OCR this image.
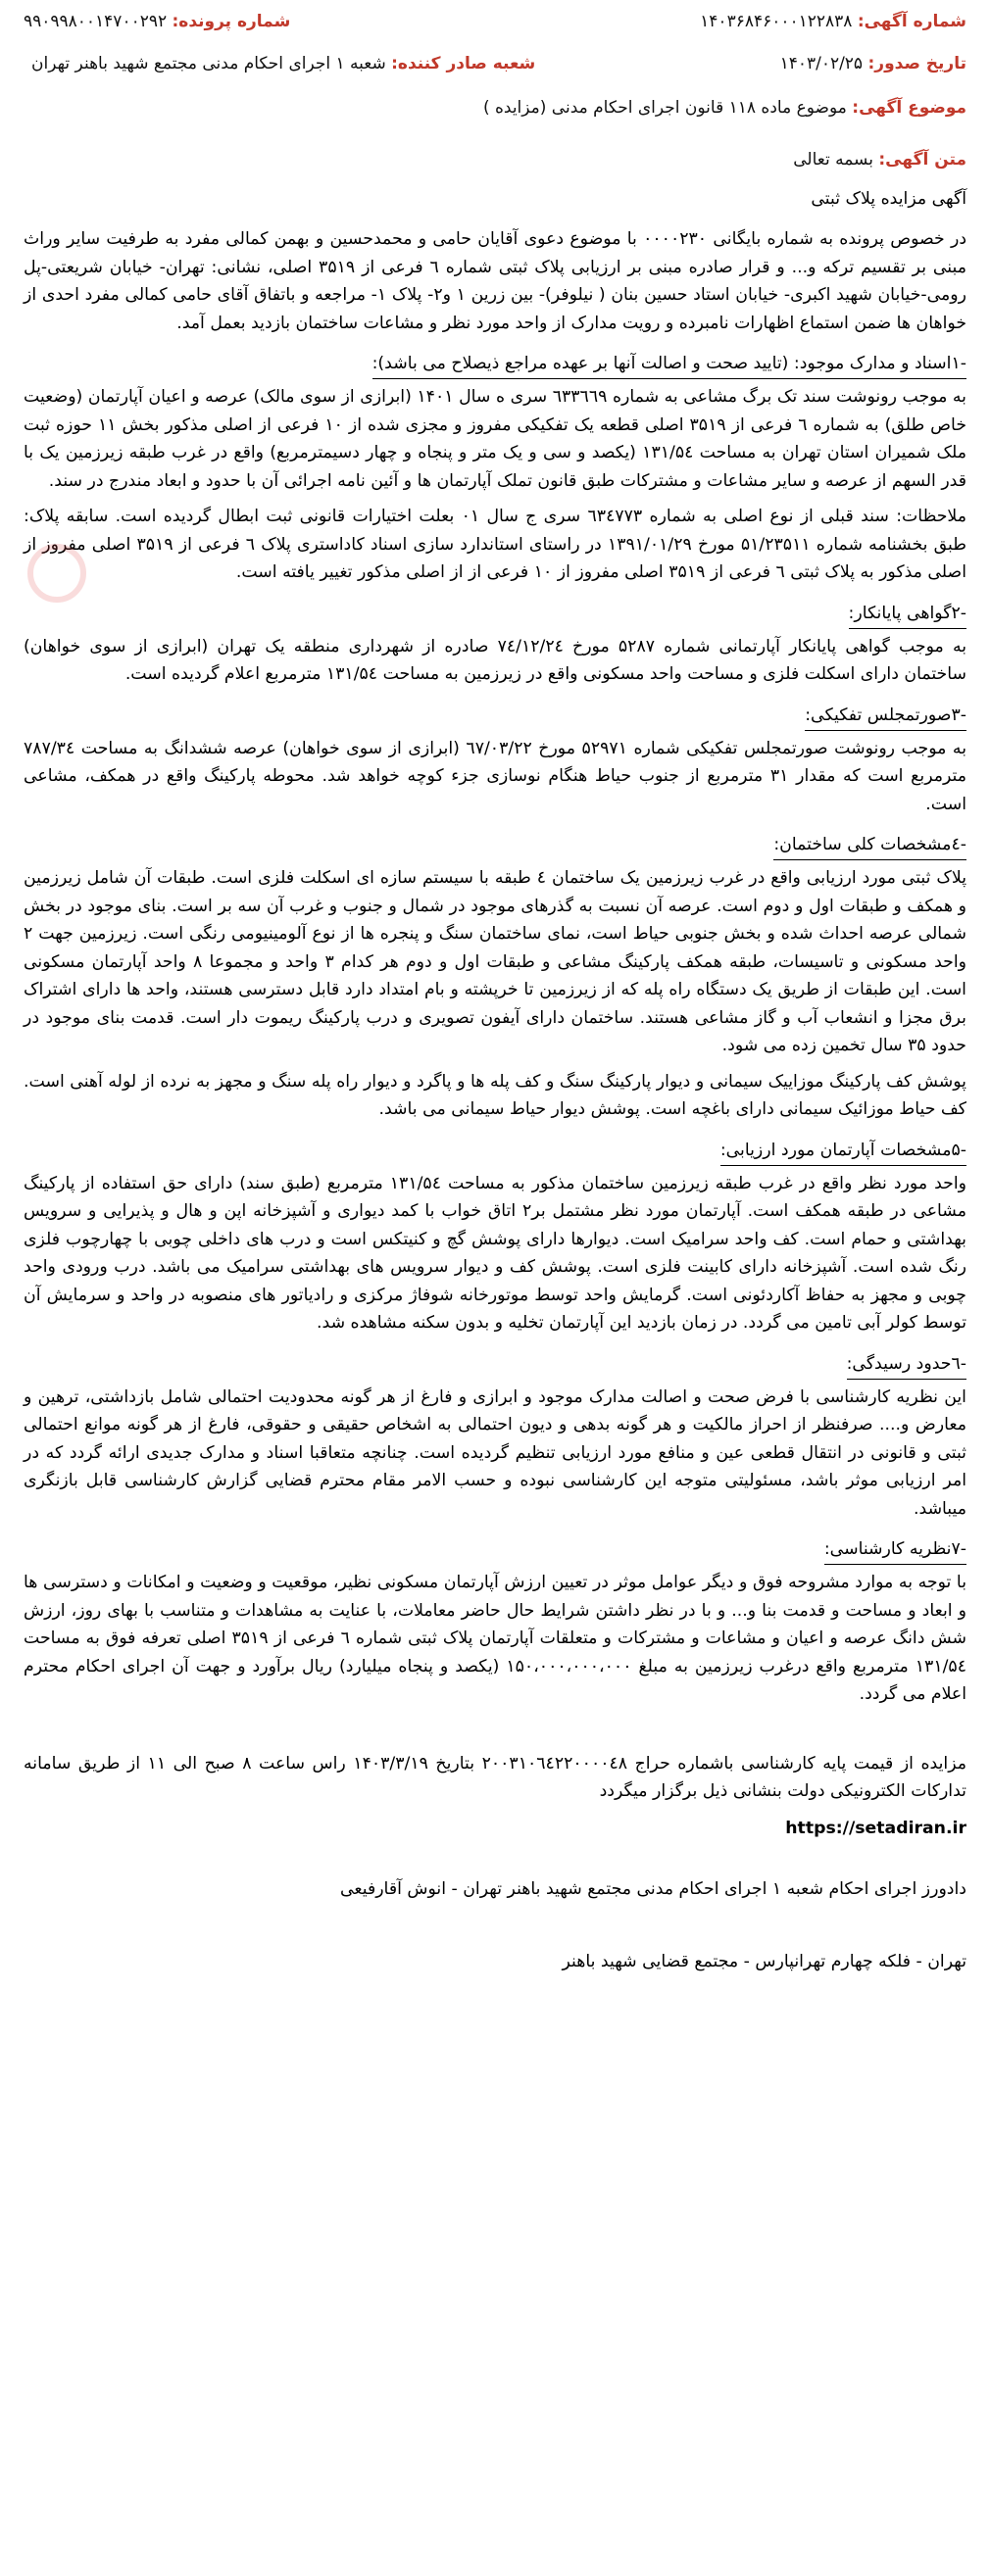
شماره آگهی: ۱۴۰۳۶۸۴۶۰۰۰۱۲۲۸۳۸
شماره پرونده: ۹۹۰۹۹۸۰۰۱۴۷۰۰۲۹۲
تاریخ صدور: ۱۴۰۳/۰۲/۲۵
شعبه صادر کننده: شعبه ۱ اجرای احکام مدنی مجتمع شهید باهنر تهران
موضوع آگهی: موضوع ماده ۱۱۸ قانون اجرای احکام مدنی (مزایده )
متن آگهی: بسمه تعالی
آگهی مزایده پلاک ثبتی

در خصوص پرونده به شماره بایگانی ۰۰۰۰۲۳۰ با موضوع دعوی آقایان حامی و محمدحسین و بهمن کمالی مفرد به طرفیت سایر وراث مبنی بر تقسیم ترکه و... و قرار صادره مبنی بر ارزیابی پلاک ثبتی شماره ٦ فرعی از ۳۵۱۹ اصلی، نشانی: تهران- خیابان شریعتی-پل رومی-خیابان شهید اکبری- خیابان استاد حسین بنان ( نیلوفر)- بین زرین ۱ و۲- پلاک ۱- مراجعه و باتفاق آقای حامی کمالی مفرد احدی از خواهان ها ضمن استماع اظهارات نامبرده و رویت مدارک از واحد مورد نظر و مشاعات ساختمان بازدید بعمل آمد.

-۱اسناد و مدارک موجود: (تایید صحت و اصالت آنها بر عهده مراجع ذیصلاح می باشد):

به موجب رونوشت سند تک برگ مشاعی به شماره ٦۳۳٦٦۹ سری ه سال ۱۴۰۱ (ابرازی از سوی مالک) عرصه و اعیان آپارتمان (وضعیت خاص طلق) به شماره ٦ فرعی از ۳۵۱۹ اصلی قطعه یک تفکیکی مفروز و مجزی شده از ۱۰ فرعی از اصلی مذکور بخش ۱۱ حوزه ثبت ملک شمیران استان تهران به مساحت ۱۳۱/۵٤ (یکصد و سی و یک متر و پنجاه و چهار دسیمترمربع) واقع در غرب طبقه زیرزمین یک با قدر السهم از عرصه و سایر مشاعات و مشترکات طبق قانون تملک آپارتمان ها و آئین نامه اجرائی آن با حدود و ابعاد مندرج در سند.

ملاحظات: سند قبلی از نوع اصلی به شماره ٦۳٤۷۷۳ سری ج سال ۰۱ بعلت اختیارات قانونی ثبت ابطال گردیده است. سابقه پلاک: طبق بخشنامه شماره ۵۱/۲۳۵۱۱ مورخ ۱۳۹۱/۰۱/۲۹ در راستای استاندارد سازی اسناد کاداستری پلاک ٦ فرعی از ۳۵۱۹ اصلی مفروز از اصلی مذکور به پلاک ثبتی ٦ فرعی از ۳۵۱۹ اصلی مفروز از ۱۰ فرعی از از اصلی مذکور تغییر یافته است.

-۲گواهی پایانکار:

به موجب گواهی پایانکار آپارتمانی شماره ۵۲۸۷ مورخ ۷٤/۱۲/۲٤ صادره از شهرداری منطقه یک تهران (ابرازی از سوی خواهان) ساختمان دارای اسکلت فلزی و مساحت واحد مسکونی واقع در زیرزمین به مساحت ۱۳۱/۵٤ مترمربع اعلام گردیده است.

-۳صورتمجلس تفکیکی:

به موجب رونوشت صورتمجلس تفکیکی شماره ۵۲۹۷۱ مورخ ٦۷/۰۳/۲۲ (ابرازی از سوی خواهان) عرصه ششدانگ به مساحت ۷۸۷/۳٤ مترمربع است که مقدار ۳۱ مترمربع از جنوب حیاط هنگام نوسازی جزء کوچه خواهد شد. محوطه پارکینگ واقع در همکف، مشاعی است.

-٤مشخصات کلی ساختمان:

پلاک ثبتی مورد ارزیابی واقع در غرب زیرزمین یک ساختمان ٤ طبقه با سیستم سازه ای اسکلت فلزی است. طبقات آن شامل زیرزمین و همکف و طبقات اول و دوم است. عرصه آن نسبت به گذرهای موجود در شمال و جنوب و غرب آن سه بر است. بنای موجود در بخش شمالی عرصه احداث شده و بخش جنوبی حیاط است، نمای ساختمان سنگ و پنجره ها از نوع آلومینیومی رنگی است. زیرزمین جهت ۲ واحد مسکونی و تاسیسات، طبقه همکف پارکینگ مشاعی و طبقات اول و دوم هر کدام ۳ واحد و مجموعا ۸ واحد آپارتمان مسکونی است. این طبقات از طریق یک دستگاه راه پله که از زیرزمین تا خرپشته و بام امتداد دارد قابل دسترسی هستند، واحد ها دارای اشتراک برق مجزا و انشعاب آب و گاز مشاعی هستند. ساختمان دارای آیفون تصویری و درب پارکینگ ریموت دار است. قدمت بنای موجود در حدود ۳۵ سال تخمین زده می شود.

پوشش کف پارکینگ موزاییک سیمانی و دیوار پارکینگ سنگ و کف پله ها و پاگرد و دیوار راه پله سنگ و مجهز به نرده از لوله آهنی است. کف حیاط موزائیک سیمانی دارای باغچه است. پوشش دیوار حیاط سیمانی می باشد.

-۵مشخصات آپارتمان مورد ارزیابی:

واحد مورد نظر واقع در غرب طبقه زیرزمین ساختمان مذکور به مساحت ۱۳۱/۵٤ مترمربع (طبق سند) دارای حق استفاده از پارکینگ مشاعی در طبقه همکف است. آپارتمان مورد نظر مشتمل بر۲ اتاق خواب با کمد دیواری و آشپزخانه اپن و هال و پذیرایی و سرویس بهداشتی و حمام است. کف واحد سرامیک است. دیوارها دارای پوشش گچ و کنیتکس است و درب های داخلی چوبی با چهارچوب فلزی رنگ شده است. آشپزخانه دارای کابینت فلزی است. پوشش کف و دیوار سرویس های بهداشتی سرامیک می باشد. درب ورودی واحد چوبی و مجهز به حفاظ آکاردئونی است. گرمایش واحد توسط موتورخانه شوفاژ مرکزی و رادیاتور های منصوبه در واحد و سرمایش آن توسط کولر آبی تامین می گردد. در زمان بازدید این آپارتمان تخلیه و بدون سکنه مشاهده شد.

-٦حدود رسیدگی:

این نظریه کارشناسی با فرض صحت و اصالت مدارک موجود و ابرازی و فارغ از هر گونه محدودیت احتمالی شامل بازداشتی، ترهین و معارض و.... صرفنظر از احراز مالکیت و هر گونه بدهی و دیون احتمالی به اشخاص حقیقی و حقوقی، فارغ از هر گونه موانع احتمالی ثبتی و قانونی در انتقال قطعی عین و منافع مورد ارزیابی تنظیم گردیده است. چنانچه متعاقبا اسناد و مدارک جدیدی ارائه گردد که در امر ارزیابی موثر باشد، مسئولیتی متوجه این کارشناسی نبوده و حسب الامر مقام محترم قضایی گزارش کارشناسی قابل بازنگری میباشد.

-۷نظریه کارشناسی:

با توجه به موارد مشروحه فوق و دیگر عوامل موثر در تعیین ارزش آپارتمان مسکونی نظیر، موقعیت و وضعیت و امکانات و دسترسی ها و ابعاد و مساحت و قدمت بنا و... و با در نظر داشتن شرایط حال حاضر معاملات، با عنایت به مشاهدات و متناسب با بهای روز، ارزش شش دانگ عرصه و اعیان و مشاعات و مشترکات و متعلقات آپارتمان پلاک ثبتی شماره ٦ فرعی از ۳۵۱۹ اصلی تعرفه فوق به مساحت ۱۳۱/۵٤ مترمربع واقع درغرب زیرزمین به مبلغ ۱۵۰،۰۰۰،۰۰۰،۰۰۰ (یکصد و پنجاه میلیارد) ریال برآورد و جهت آن اجرای احکام محترم اعلام می گردد.

مزایده از قیمت پایه کارشناسی باشماره حراج ۲۰۰۳۱۰٦٤۲۲۰۰۰۰٤۸ بتاریخ ۱۴۰۳/۳/۱۹ راس ساعت ۸ صبح الی ۱۱ از طریق سامانه تدارکات الکترونیکی دولت بنشانی ذیل برگزار میگردد

https://setadiran.ir
دادورز اجرای احکام شعبه ۱ اجرای احکام مدنی مجتمع شهید باهنر تهران - انوش آقارفیعی
تهران - فلکه چهارم تهرانپارس - مجتمع قضایی شهید باهنر
